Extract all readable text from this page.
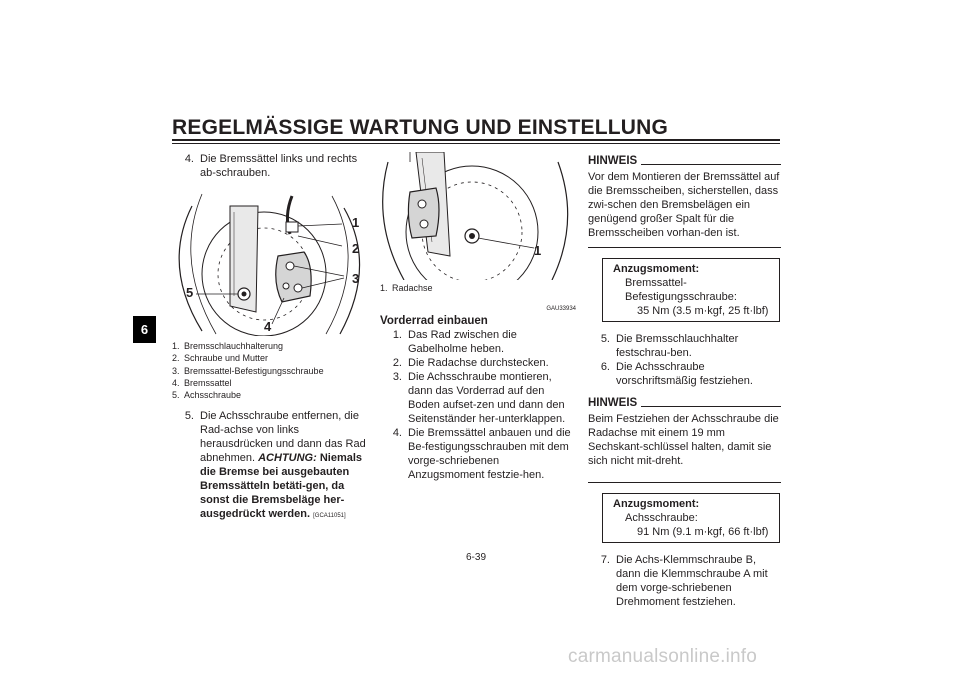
REGELMÄSSIGE WARTUNG UND EINSTELLUNG
6
4. Die Bremssättel links und rechts ab-schrauben.
1
2
3
5
4
1. Bremsschlauchhalterung
2. Schraube und Mutter
3. Bremssattel-Befestigungsschraube
4. Bremssattel
5. Achsschraube
5. Die Achsschraube entfernen, die Rad-achse von links herausdrücken und dann das Rad abnehmen. ACHTUNG: Niemals die Bremse bei ausgebauten Bremssätteln betäti-gen, da sonst die Bremsbeläge her-ausgedrückt werden. [GCA11051]
1
1. Radachse
GAU33934
Vorderrad einbauen
1. Das Rad zwischen die Gabelholme heben.
2. Die Radachse durchstecken.
3. Die Achsschraube montieren, dann das Vorderrad auf den Boden aufset-zen und dann den Seitenständer her-unterklappen.
4. Die Bremssättel anbauen und die Be-festigungsschrauben mit dem vorge-schriebenen Anzugsmoment festzie-hen.
HINWEIS
Vor dem Montieren der Bremssättel auf die Bremsscheiben, sicherstellen, dass zwi-schen den Bremsbelägen ein genügend großer Spalt für die Bremsscheiben vorhan-den ist.
Anzugsmoment:
Bremssattel-Befestigungsschraube:
35 Nm (3.5 m·kgf, 25 ft·lbf)
5. Die Bremsschlauchhalter festschrau-ben.
6. Die Achsschraube vorschriftsmäßig festziehen.
HINWEIS
Beim Festziehen der Achsschraube die Radachse mit einem 19 mm Sechskant-schlüssel halten, damit sie sich nicht mit-dreht.
Anzugsmoment:
Achsschraube:
91 Nm (9.1 m·kgf, 66 ft·lbf)
7. Die Achs-Klemmschraube B, dann die Klemmschraube A mit dem vorge-schriebenen Drehmoment festziehen.
6-39
carmanualsonline.info
